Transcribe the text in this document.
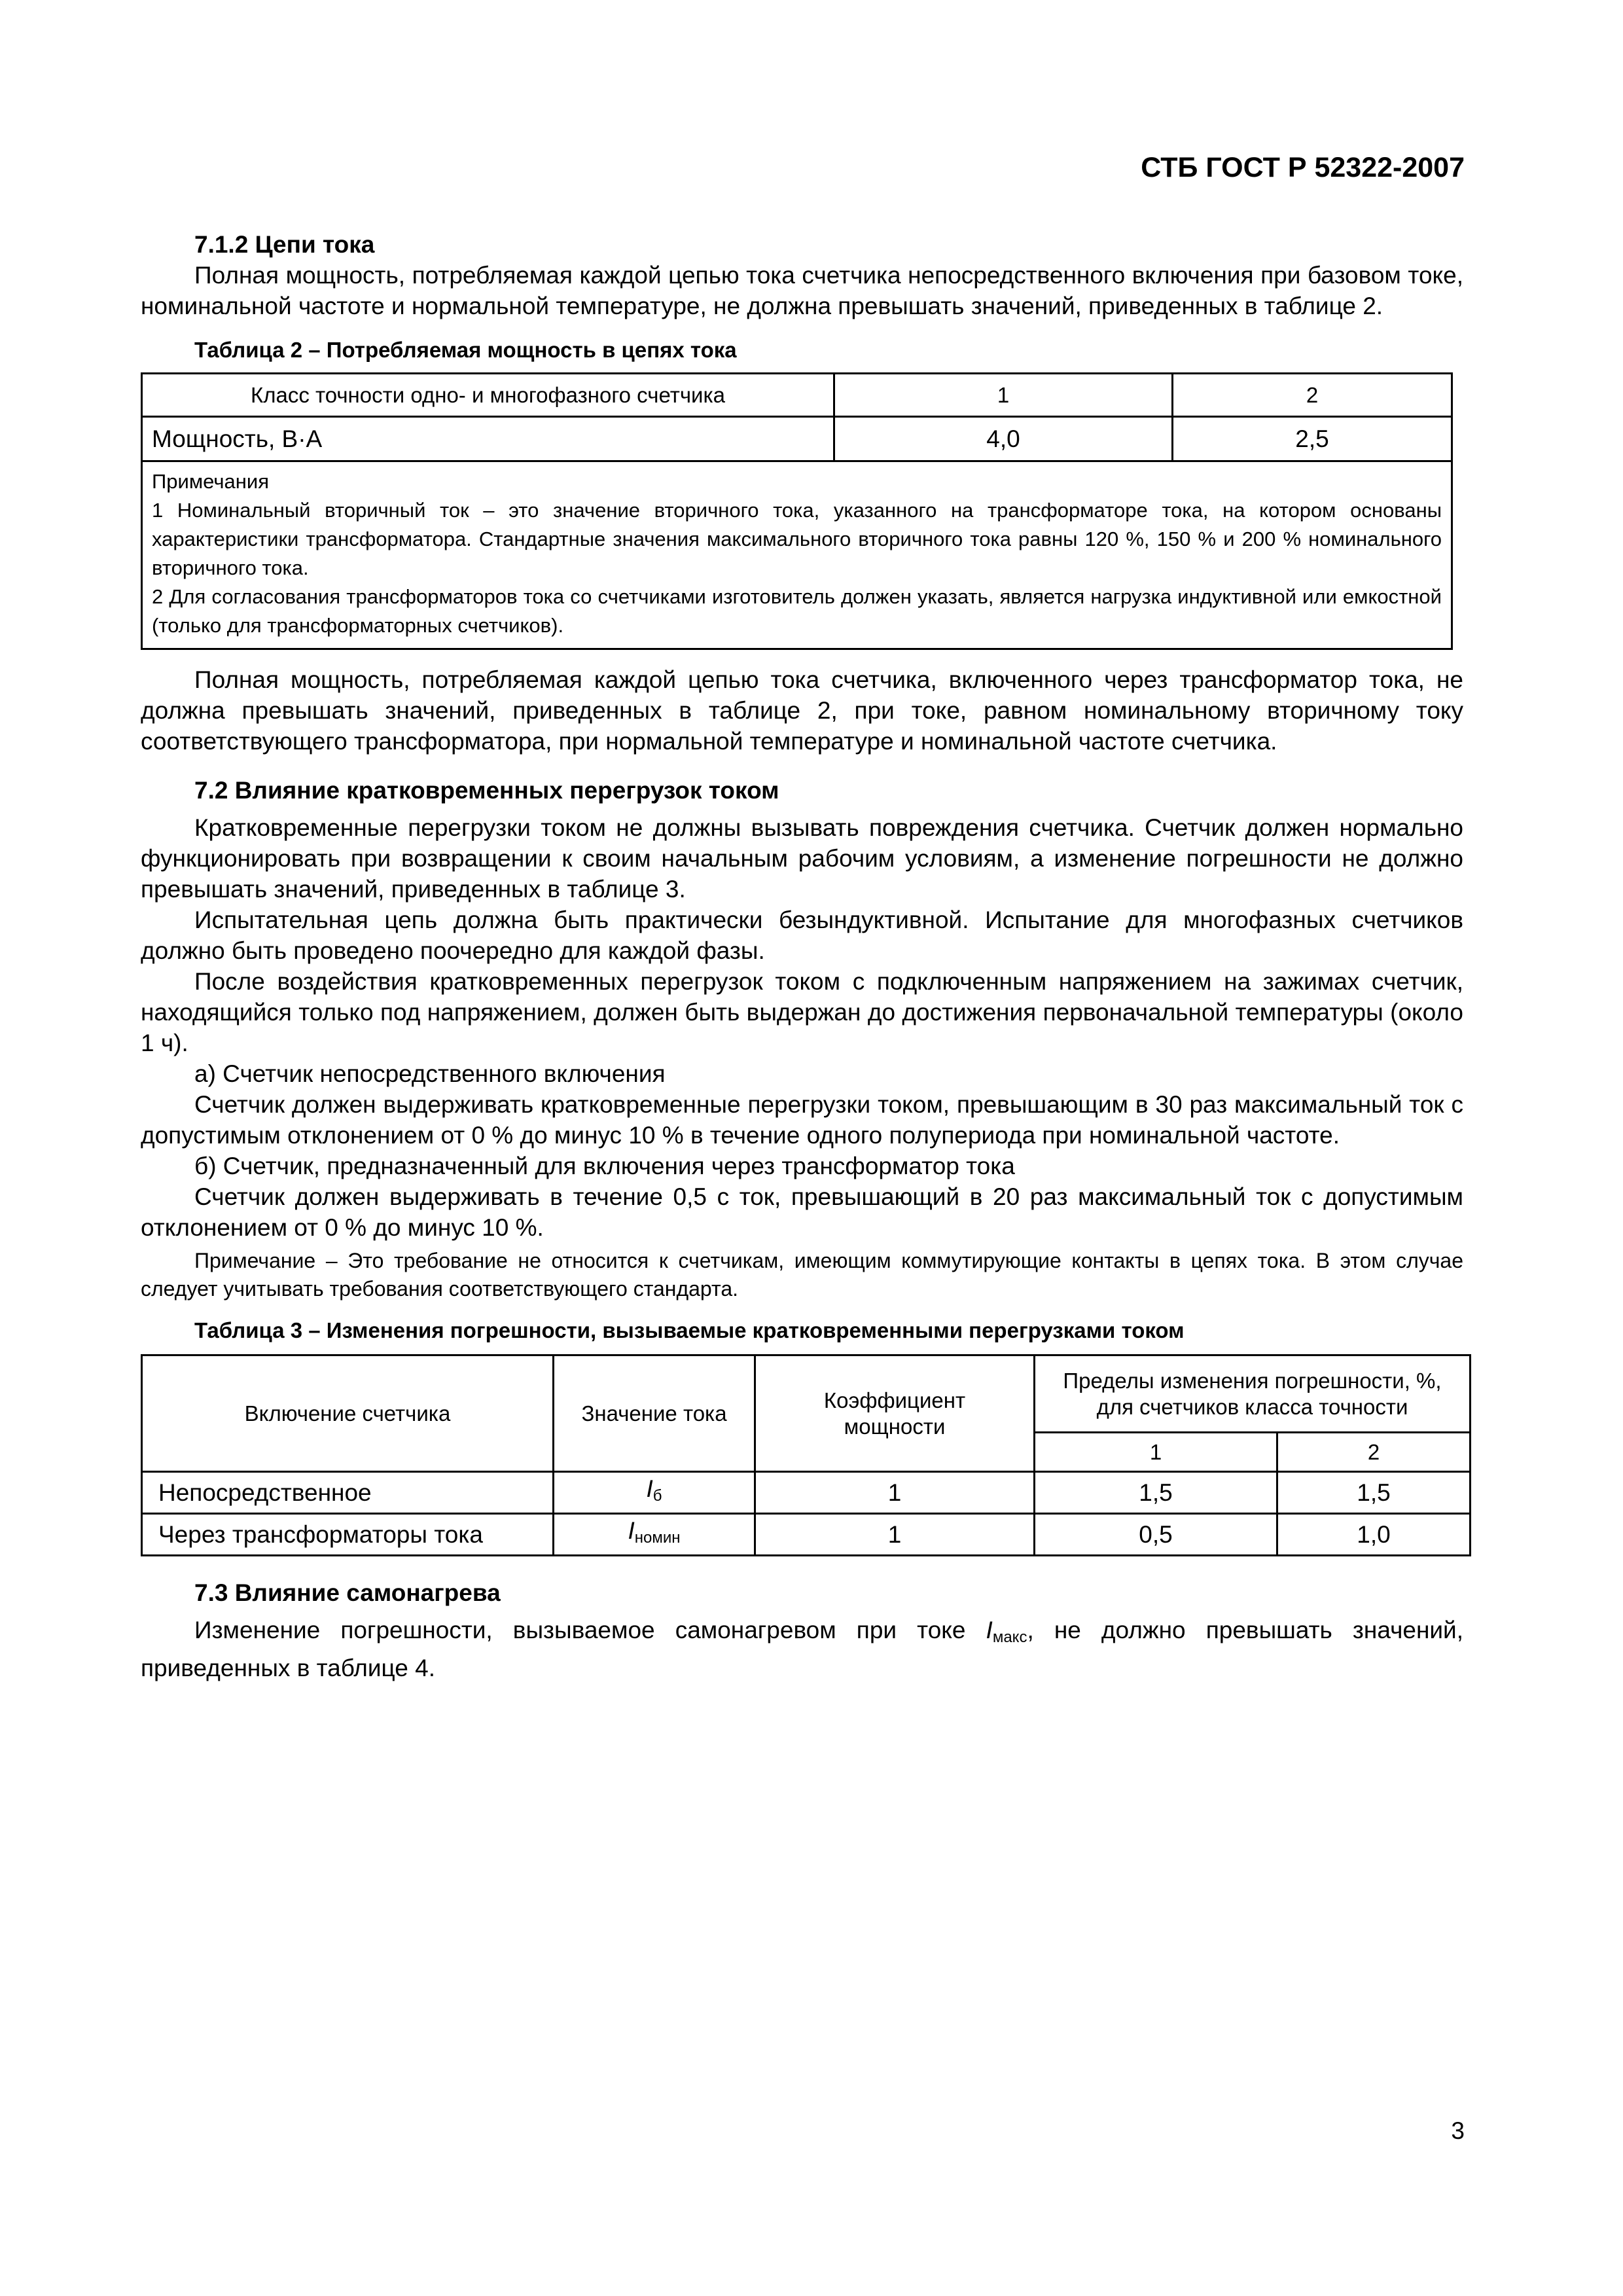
СТБ ГОСТ Р 52322-2007
7.1.2 Цепи тока

Полная мощность, потребляемая каждой цепью тока счетчика непосредственного включения при базовом токе, номинальной частоте и нормальной температуре, не должна превышать значений, приведенных в таблице 2.

Таблица 2 – Потребляемая мощность в цепях тока

Класс точности одно- и многофазного счетчика	1	2
Мощность, В·А	4,0	2,5

Примечания
1 Номинальный вторичный ток – это значение вторичного тока, указанного на трансформаторе тока, на котором основаны характеристики трансформатора. Стандартные значения максимального вторичного тока равны 120 %, 150 % и 200 % номинального вторичного тока.
2 Для согласования трансформаторов тока со счетчиками изготовитель должен указать, является нагрузка индуктивной или емкостной (только для трансформаторных счетчиков).		

Полная мощность, потребляемая каждой цепью тока счетчика, включенного через трансформатор тока, не должна превышать значений, приведенных в таблице 2, при токе, равном номинальному вторичному току соответствующего трансформатора, при нормальной температуре и номинальной частоте счетчика.

7.2 Влияние кратковременных перегрузок током

Кратковременные перегрузки током не должны вызывать повреждения счетчика. Счетчик должен нормально функционировать при возвращении к своим начальным рабочим условиям, а изменение погрешности не должно превышать значений, приведенных в таблице 3.

Испытательная цепь должна быть практически безындуктивной. Испытание для многофазных счетчиков должно быть проведено поочередно для каждой фазы.

После воздействия кратковременных перегрузок током с подключенным напряжением на зажимах счетчик, находящийся только под напряжением, должен быть выдержан до достижения первоначальной температуры (около 1 ч).

а) Счетчик непосредственного включения

Счетчик должен выдерживать кратковременные перегрузки током, превышающим в 30 раз максимальный ток с допустимым отклонением от 0 % до минус 10 % в течение одного полупериода при номинальной частоте.

б) Счетчик, предназначенный для включения через трансформатор тока

Счетчик должен выдерживать в течение 0,5 с ток, превышающий в 20 раз максимальный ток с допустимым отклонением от 0 % до минус 10 %.

Примечание – Это требование не относится к счетчикам, имеющим коммутирующие контакты в цепях тока. В этом случае следует учитывать требования соответствующего стандарта.

Таблица 3 – Изменения погрешности, вызываемые кратковременными перегрузками током

Включение счетчика	Значение тока	Коэффициент мощности	Пределы изменения погрешности, %, для счетчиков класса точности	
			1	2
Непосредственное	$I_б$	1	1,5	1,5
Через трансформаторы тока	$I_{номин}$	1	0,5	1,0
7.3 Влияние самонагрева

Изменение погрешности, вызываемое самонагревом при токе $I_{макс}$, не должно превышать значений, приведенных в таблице 4.

3
